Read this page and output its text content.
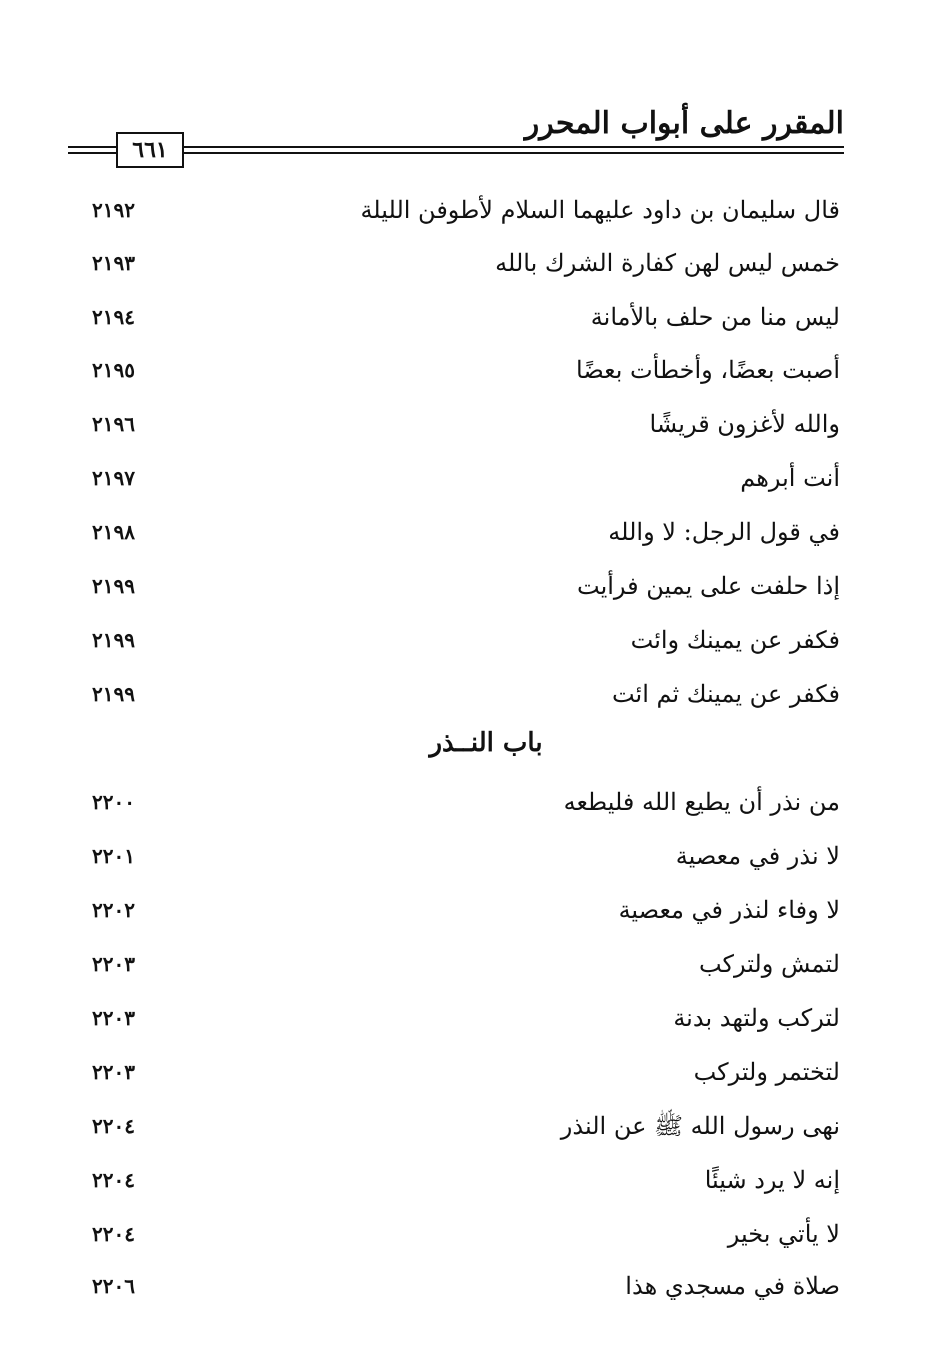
المقرر على أبواب المحرر
٦٦١
قال سليمان بن داود عليهما السلام لأطوفن الليلة
٢١٩٢
خمس ليس لهن كفارة الشرك بالله
٢١٩٣
ليس منا من حلف بالأمانة
٢١٩٤
أصبت بعضًا، وأخطأت بعضًا
٢١٩٥
والله لأغزون قريشًا
٢١٩٦
أنت أبرهم
٢١٩٧
في قول الرجل: لا والله
٢١٩٨
إذا حلفت على يمين فرأيت
٢١٩٩
فكفر عن يمينك وائت
٢١٩٩
فكفر عن يمينك ثم ائت
٢١٩٩
باب النــذر
من نذر أن يطيع الله فليطعه
٢٢٠٠
لا نذر في معصية
٢٢٠١
لا وفاء لنذر في معصية
٢٢٠٢
لتمش ولتركب
٢٢٠٣
لتركب ولتهد بدنة
٢٢٠٣
لتختمر ولتركب
٢٢٠٣
نهى رسول الله ﷺ عن النذر
٢٢٠٤
إنه لا يرد شيئًا
٢٢٠٤
لا يأتي بخير
٢٢٠٤
صلاة في مسجدي هذا
٢٢٠٦
